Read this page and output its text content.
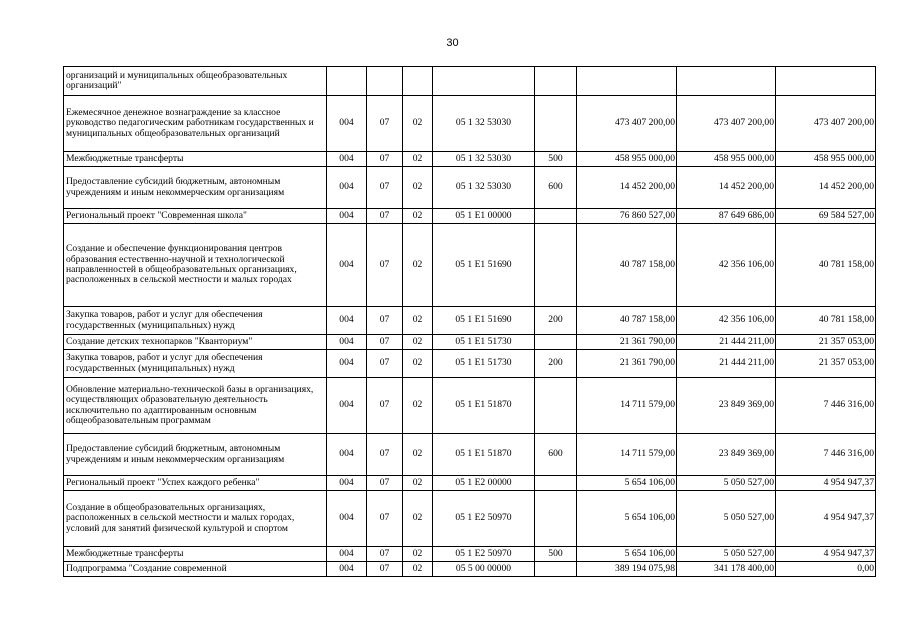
30
организаций и муниципальных общеобразовательных организаций"								
Ежемесячное денежное вознаграждение за классное руководство педагогическим работникам государственных и муниципальных общеобразовательных организаций	004	07	02	05 1 32 53030		473 407 200,00	473 407 200,00	473 407 200,00
Межбюджетные трансферты	004	07	02	05 1 32 53030	500	458 955 000,00	458 955 000,00	458 955 000,00
Предоставление субсидий бюджетным, автономным учреждениям и иным некоммерческим организациям	004	07	02	05 1 32 53030	600	14 452 200,00	14 452 200,00	14 452 200,00
Региональный проект "Современная школа"	004	07	02	05 1 E1 00000		76 860 527,00	87 649 686,00	69 584 527,00
Создание и обеспечение функционирования центров образования естественно-научной и технологической направленностей в общеобразовательных организациях, расположенных в сельской местности и малых городах	004	07	02	05 1 E1 51690		40 787 158,00	42 356 106,00	40 781 158,00
Закупка товаров, работ и услуг для обеспечения государственных (муниципальных) нужд	004	07	02	05 1 E1 51690	200	40 787 158,00	42 356 106,00	40 781 158,00
Создание детских технопарков "Кванториум"	004	07	02	05 1 E1 51730		21 361 790,00	21 444 211,00	21 357 053,00
Закупка товаров, работ и услуг для обеспечения государственных (муниципальных) нужд	004	07	02	05 1 E1 51730	200	21 361 790,00	21 444 211,00	21 357 053,00
Обновление материально-технической базы в организациях, осуществляющих образовательную деятельность исключительно по адаптированным основным общеобразовательным программам	004	07	02	05 1 E1 51870		14 711 579,00	23 849 369,00	7 446 316,00
Предоставление субсидий бюджетным, автономным учреждениям и иным некоммерческим организациям	004	07	02	05 1 E1 51870	600	14 711 579,00	23 849 369,00	7 446 316,00
Региональный проект "Успех каждого ребенка"	004	07	02	05 1 E2 00000		5 654 106,00	5 050 527,00	4 954 947,37
Создание в общеобразовательных организациях, расположенных в сельской местности и малых городах, условий для занятий физической культурой и спортом	004	07	02	05 1 E2 50970		5 654 106,00	5 050 527,00	4 954 947,37
Межбюджетные трансферты	004	07	02	05 1 E2 50970	500	5 654 106,00	5 050 527,00	4 954 947,37
Подпрограмма "Создание современной	004	07	02	05 5 00 00000		389 194 075,98	341 178 400,00	0,00
